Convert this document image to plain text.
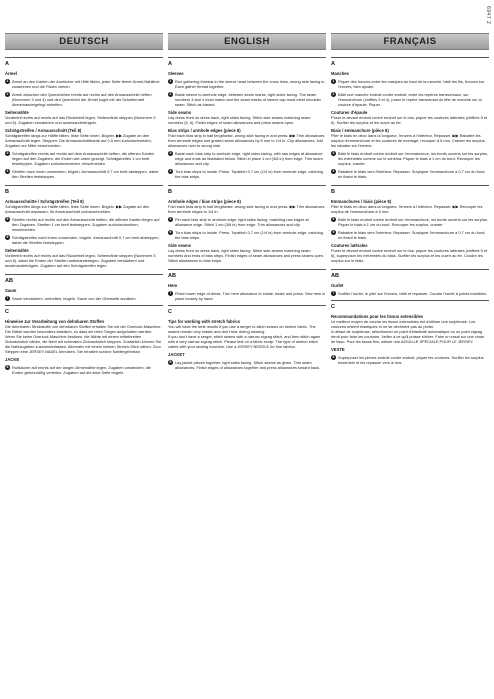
6947 2
DEUTSCH
A
Ärmel
1 Ärmel an den Kanten der Armlöcher mit Hilfe fäden, jeder Seite ferner Ärmel-Nahtlinie zusammen und die Fäden ziehen.

2 Ärmel zwischen den Querstrichen rechts auf rechts auf den Armausschnitt heften (Nummern 3 und 4) und den Querstrich der Ärmel kugel mit der Schulternaht übereinandergelegt anheften.

Seitennähte

Vorderteil rechts auf rechts auf das Rückenteil legen, Seitennähte steppen (Nummern 5 und 6). Zugaben versäubern und auseinanderbügeln.

Schrägstreifen / Armausschnitt (Teil 8)

Schrägstreifen längs zur Hälfte falten, linke Seite innen. Bügeln. ▶▶ Zugabe an den Armausschnitt legen. Steppen. Die Armausschnittkante auf 0,5 mm zurückschneiden, Zugaben zur Mitte einschneiden.

3 Schrägstreifen rechts auf rechts auf dem Armausschnitt heften, die offenen Kanten liegen auf den Zugaben, die Enden wie unten gezeigt. Schrägstreifen 1 cm breit feststeppen. Zugaben zurückschneiden, einschneiden.

4 Streifen nach innen umwenden, bügeln. Armausschnitt 0,7 cm breit absteppen, dabei den Streifen feststeppen.

B
Armausschnitte / Schrägstreifen (Teil 8)

Schrägstreifen längs zur Hälfte falten, linke Seite innen. Bügeln. ▶▶ Zugabe an den Armausschnitt anpassen, für Armausschnitt zurückschneiden.

5 Streifen rechts auf rechts auf den Armausschnitt heften, die offenen Kanten liegen auf den Zugaben. Streifen 1 cm breit feststeppen. Zugaben zurückschneiden, einschneiden.

6 Schrägstreifen nach innen umwenden, bügeln. Armausschnitt 0,7 cm breit absteppen, dabei die Streifen feststeppen.

Seitennähte

Vorderteil rechts auf rechts auf das Rückenteil legen, Seitennähte steppen (Nummern 5 und 6), dabei die Enden der Streifen aufeinanderlegen. Zugaben versäubern und auseinanderbügeln. Zugaben auf den Schrägstreifen legen.

AB
Saum
7 Saum versäubern, umheften, bügeln. Saum von der Oberseite annähen.

C
Hinweise zur Verarbeitung von dehnbaren Stoffen

Die dehnbaren Strickstoffe von dehnbaren Stoffen erhalten Sie mit der Overlock-Maschine. Die Nähte werden besonders elastisch, so dass sie beim Tragen aufgehalten werden.

Wenn Sie keine Overlock-Maschine besitzen, die Nähte mit einem mittelbreiten Zickzackstich nähen, die Naht mit schmalem Zickzackstich steppen. Zusätzlich können Sie die Nahtzugaben zusammenfassen. Alternativ mit einem kleinen Stretch-Stich nähen. Zum Steppen eine JERSEY-NADEL benutzen. Sie erhalten schöne Nahtergebnisse.

JACKE
8 Rollsäume auf rechts auf der langen Ärmelnähte legen, Zugaben umstecken, die Enden gleichmäßig verteilen. Zugaben auf die linke Seite bügeln.

ENGLISH
A
Sleeves
1 Run gathering threads in the sleeve head between the cross lines, wrong side facing in. Each gather thread together.

2 Baste sleeve to armhole edge, between seam marks, right sides facing. The seam numbers 3 and 4 must match and the seam marks of sleeve cap must meet shoulder seam. Stitch as basted.

Side seams

Lay dress front on dress back, right sides facing. Stitch side seams matching seam numbers (5, 6). Finish edges of seam allowances and press seams open.

Bias strips / armhole edges (piece 8)

Fold each bias strip in half lengthwise, wrong side facing in and press. ▶▶ Trim allowances from armhole edges and graded seam allowances by 5 mm to 1/4 in. Clip allowances, fold allowances over to wrong side.

3 Baste each bias strip to armhole edge, right sides facing, with raw edges at allowance edge and ends as illustrated below. Stitch in place 1 cm (3/8 in) from edge. Trim seam allowances and clip.

4 Turn bias strips to inside. Press. Topstitch 0.7 cm (1/4 in) from armhole edge, catching the bias strips.

B
Armhole edges / bias strips (piece 8)

Fold each bias strip in half lengthwise, wrong side facing in and press. ▶▶ Trim allowances from armhole edges to 1/4 in.

5 Pin each bias strip to armhole edge, right sides facing, matching raw edges at allowance edge. Stitch 1 cm (3/8 in) from edge. Trim allowances and clip.

6 Turn bias strips to inside. Press. Topstitch 0.7 cm (1/4 in) from armhole edge, catching the bias strips.

Side seams

Lay dress front on dress back, right sides facing. Stitch side seams matching seam numbers and ends of bias strips. Finish edges of seam allowances and press seams open.

Stitch allowances to bias strips.

AB
Hem
7 Finish lower edge of dress. Turn hem allowance to inside, baste and press. Sew hem in place loosely by hand.

C
Tips for working with stretch fabrics

You will have the best results if you use a serger to stitch seams on stretch fabric. The seams remain very elastic and don't tear during wearing.

If you don't have a serger, stitch seams with a narrow zigzag stitch, and then stitch again with a very narrow zigzag stitch. Please test on a fabric scrap. The type of stretch stitch varies with your sewing machine. Use a JERSEY NEEDLE for fine fabrics.

JACKET
8 Lay jacket pieces together, right sides facing. Stitch seams as given. Trim seam allowances. Finish edges of allowances together and press allowances toward back.

FRANÇAIS
A
Manches
1 Piquer des fronces entre les marques au haut de la manche, bâtir les fils, fronces sur l'envers, bien ajuster.

2 Bâtir une manche endroit contre endroit, entre les repères transversaux, sur l'emmanchure (chiffres 3 et 4), poser le repère transversal du tête de manche sur la couture d'épaule. Piquer.

Coutures d'épaule

Poser le devant endroit contre endroit sur le dos, piquer les coutures latérales (chiffres 5 et 6). Surfiler les surplus et les ouvrir au fer.

Biais / emmanchure (pièce 8)

Plier le biais en deux dans la longueur, l'envers à l'intérieur. Repasser. ▶▶ Rabattre les surplus d'emmanchure et les coutures de montage, recouper à 5 mm. Cranter les surplus, les rabattre sur l'envers.

3 Bâtir le biais endroit contre endroit sur l'emmanchure, les bords ouverts sur les surplus, les extrémités comme sur le schéma. Piquer le biais à 1 cm du bord. Recouper les surplus, cranter.

4 Rabattre le biais vers l'intérieur. Repasser. Surpiquer l'emmanchure à 0,7 cm du bord, en fixant le biais.

B
Emmanchures / biais (pièce 8)

Plier le biais en deux dans la longueur, l'envers à l'intérieur. Repasser. ▶▶ Recouper les surplus de l'emmanchure à 5 mm.

5 Bâtir le biais endroit contre endroit sur l'emmanchure, les bords ouverts sur les surplus. Piquer le biais à 1 cm du bord. Recouper les surplus, cranter.

6 Rabattre le biais vers l'intérieur. Repasser. Surpiquer l'emmanchure à 0,7 cm du bord, en fixant le biais.

Coutures latérales

Poser le devant endroit contre endroit sur le dos, piquer les coutures latérales (chiffres 5 et 6), superposer les extrémités du biais. Surfiler les surplus et les ouvrir au fer. Coudre les surplus sur le biais.

AB
Ourlet
7 Surfiler l'ourlet, le plier sur l'envers, bâtir et repasser. Coudre l'ourlet à points invisibles.

C
Recommandations pour les tissus extensibles

Le meilleur moyen de coudre les tissus extensibles est d'utiliser une surjeteuse. Les coutures restent élastiques et ne se déchirent pas au porter.

A défaut de surjeteuse, sélectionner un point d'élasticité automatique ou un point zigzag étroit pour faire les coutures. Veiller à ce qu'il puisse s'étirer. Faire un essai sur une chute de tissu. Pour les tissus fins, utiliser une AIGUILLE SPÉCIALE POUR LE JERSEY.

VESTE
8 Superposer les pièces endroit contre endroit, piquer les coutures. Surfiler les surplus ensemble et les repasser vers le dos.
